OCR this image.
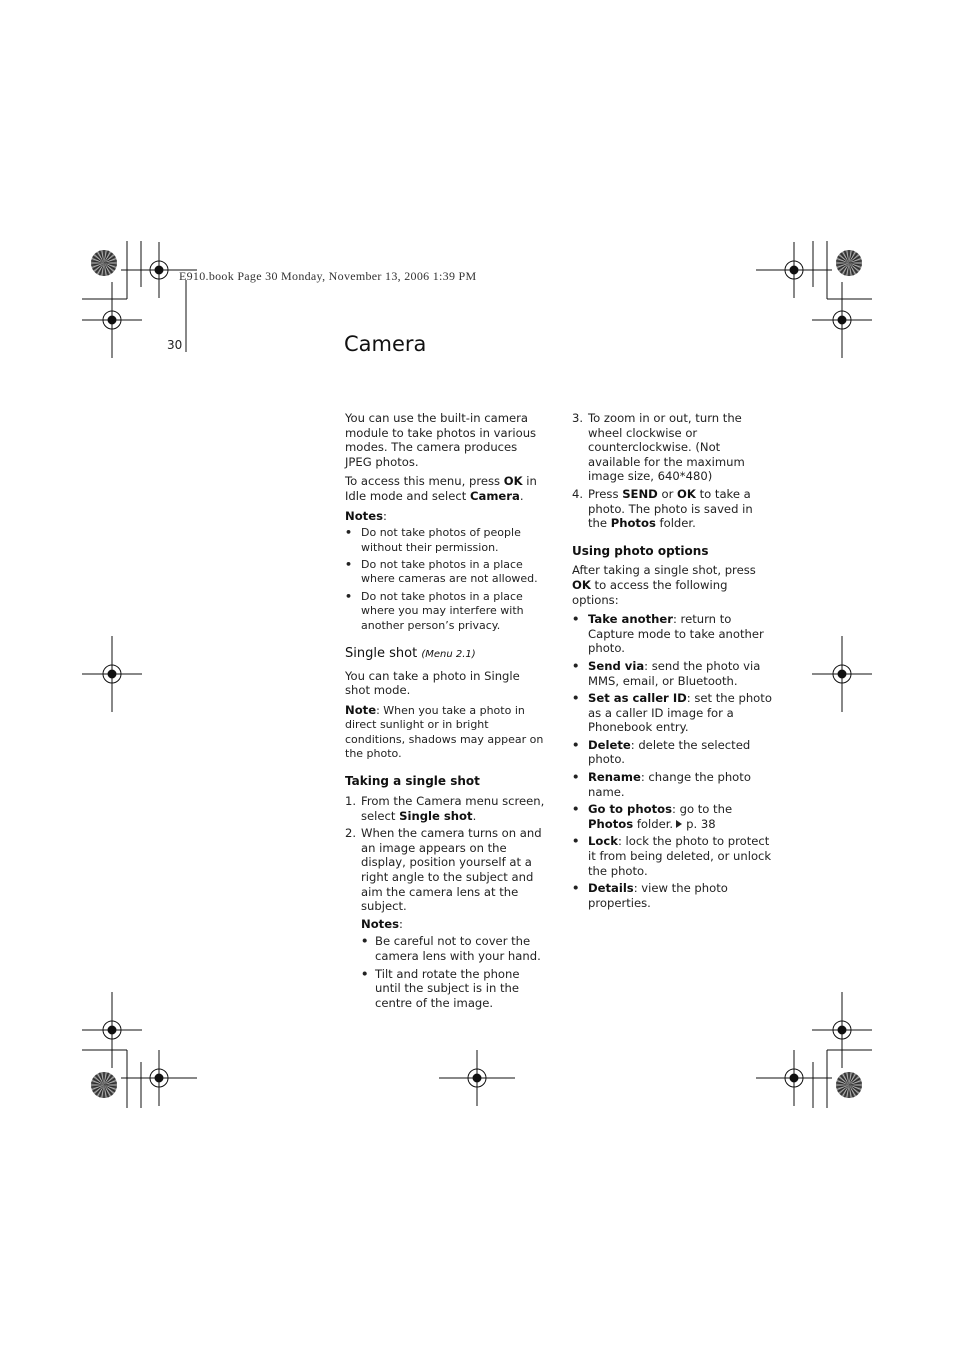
E910.book Page 30 Monday, November 13, 2006 1:39 PM
30	Camera

You can use the built-in camera module to take photos in various modes. The camera produces JPEG photos.

To access this menu, press OK in Idle mode and select Camera.

Notes:

• Do not take photos of people without their permission.
• Do not take photos in a place where cameras are not allowed.
• Do not take photos in a place where you may interfere with another person’s privacy.
Single shot (Menu 2.1)

You can take a photo in Single shot mode.

Note: When you take a photo in direct sunlight or in bright conditions, shadows may appear on the photo.

Taking a single shot
1. From the Camera menu screen, select Single shot.
2. When the camera turns on and an image appears on the display, position yourself at a right angle to the subject and aim the camera lens at the subject.
Notes:
• Be careful not to cover the camera lens with your hand.
• Tilt and rotate the phone until the subject is in the centre of the image.
3. To zoom in or out, turn the wheel clockwise or counterclockwise. (Not available for the maximum image size, 640*480)
4. Press SEND or OK to take a photo. The photo is saved in the Photos folder.
Using photo options

After taking a single shot, press OK to access the following options:

• Take another: return to Capture mode to take another photo.
• Send via: send the photo via MMS, email, or Bluetooth.
• Set as caller ID: set the photo as a caller ID image for a Phonebook entry.
• Delete: delete the selected photo.
• Rename: change the photo name.
• Go to photos: go to the Photos folder. p. 38
• Lock: lock the photo to protect it from being deleted, or unlock the photo.
• Details: view the photo properties.
